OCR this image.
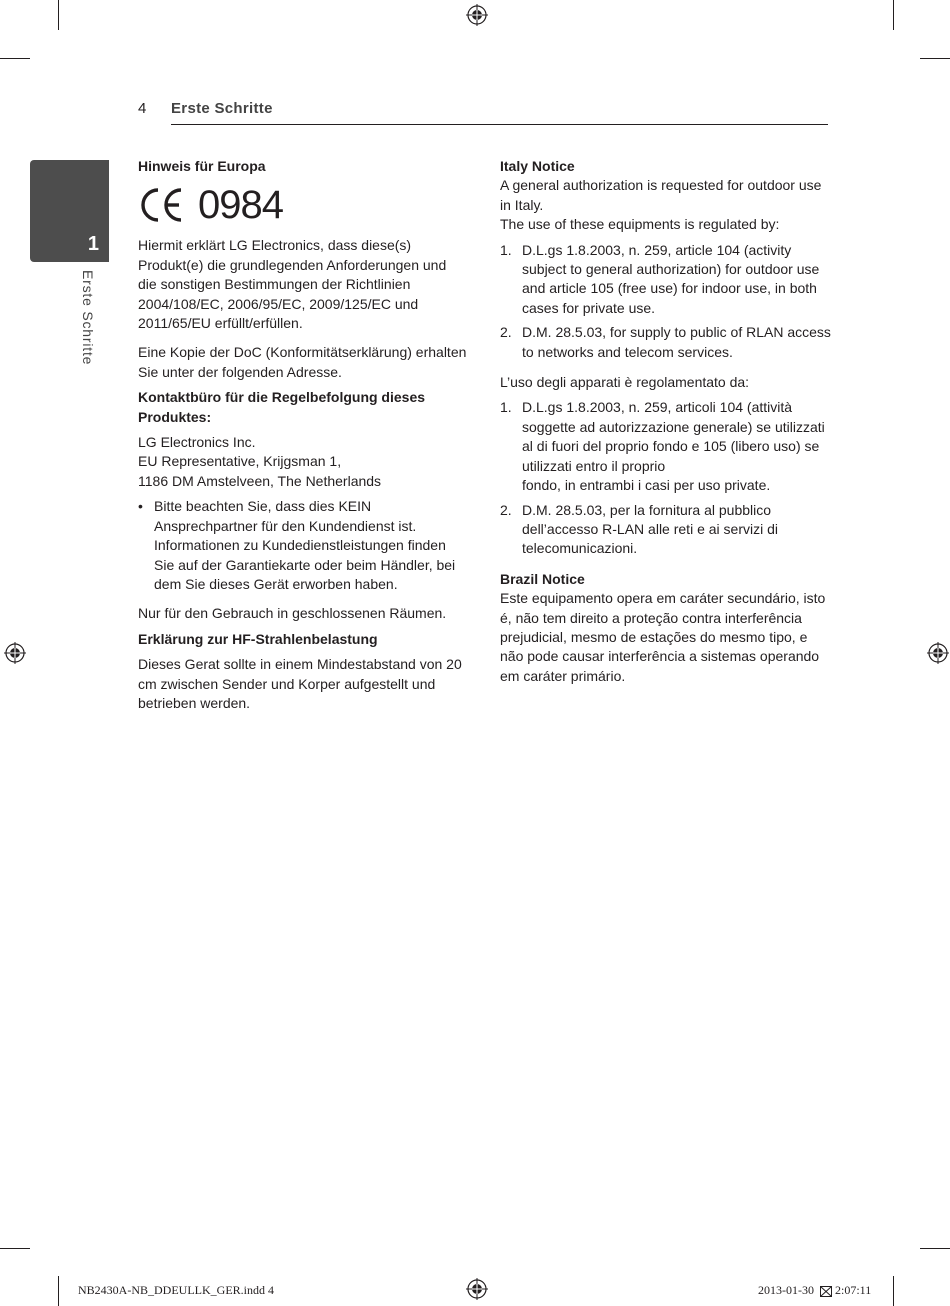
4 Erste Schritte
1
Erste Schritte
Hinweis für Europa
0984

Hiermit erklärt LG Electronics, dass diese(s) Produkt(e) die grundlegenden Anforderungen und die sonstigen Bestimmungen der Richtlinien 2004/108/EC, 2006/95/EC, 2009/125/EC und 2011/65/EU erfüllt/erfüllen.

Eine Kopie der DoC (Konformitätserklärung) erhalten Sie unter der folgenden Adresse.

Kontaktbüro für die Regelbefolgung dieses Produktes:

LG Electronics Inc.

EU Representative, Krijgsman 1,

1186 DM Amstelveen, The Netherlands

• Bitte beachten Sie, dass dies KEIN Ansprechpartner für den Kundendienst ist. Informationen zu Kundedienstleistungen finden Sie auf der Garantiekarte oder beim Händler, bei dem Sie dieses Gerät erworben haben.

Nur für den Gebrauch in geschlossenen Räumen.

Erklärung zur HF-Strahlenbelastung

Dieses Gerat sollte in einem Mindestabstand von 20 cm zwischen Sender und Korper aufgestellt und betrieben werden.

Italy Notice

A general authorization is requested for outdoor use in Italy.

The use of these equipments is regulated by:

1. D.L.gs 1.8.2003, n. 259, article 104 (activity subject to general authorization) for outdoor use and article 105 (free use) for indoor use, in both cases for private use.
2. D.M. 28.5.03, for supply to public of RLAN access to networks and telecom services.

L’uso degli apparati è regolamentato da:

1. D.L.gs 1.8.2003, n. 259, articoli 104 (attività soggette ad autorizzazione generale) se utilizzati al di fuori del proprio fondo e 105 (libero uso) se utilizzati entro il proprio
fondo, in entrambi i casi per uso private.
2. D.M. 28.5.03, per la fornitura al pubblico dell’accesso R-LAN alle reti e ai servizi di telecomunicazioni.
Brazil Notice

Este equipamento opera em caráter secundário, isto é, não tem direito a proteção contra interferência prejudicial, mesmo de estações do mesmo tipo, e não pode causar interferência a sistemas operando em caráter primário.

NB2430A-NB_DDEULLK_GER.indd 4	2013-01-30 2:07:11
